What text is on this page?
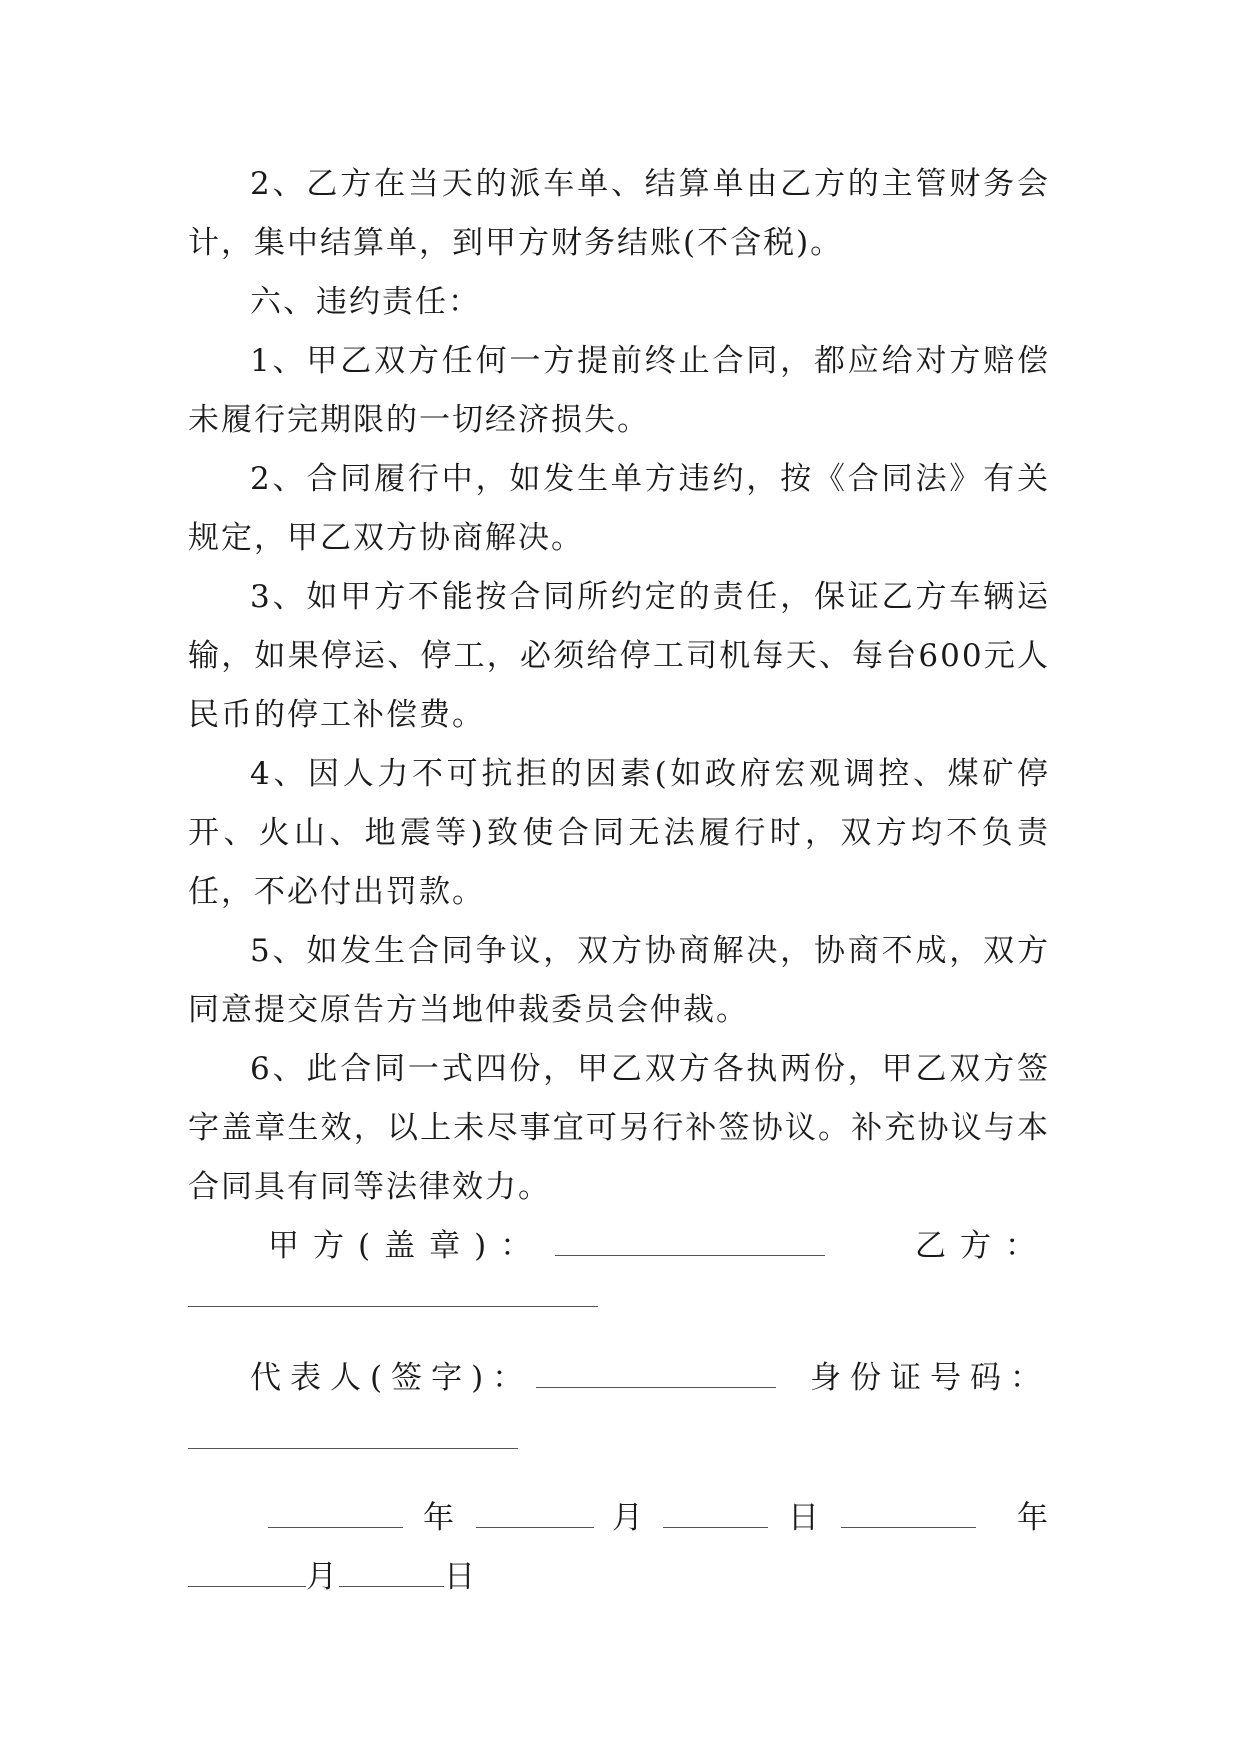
2、乙方在当天的派车单、结算单由乙方的主管财务会计，集中结算单，到甲方财务结账(不含税)。

六、违约责任：

1、甲乙双方任何一方提前终止合同，都应给对方赔偿未履行完期限的一切经济损失。

2、合同履行中，如发生单方违约，按《合同法》有关规定，甲乙双方协商解决。

3、如甲方不能按合同所约定的责任，保证乙方车辆运输，如果停运、停工，必须给停工司机每天、每台600元人民币的停工补偿费。

4、因人力不可抗拒的因素(如政府宏观调控、煤矿停开、火山、地震等)致使合同无法履行时，双方均不负责任，不必付出罚款。

5、如发生合同争议，双方协商解决，协商不成，双方同意提交原告方当地仲裁委员会仲裁。

6、此合同一式四份，甲乙双方各执两份，甲乙双方签字盖章生效，以上未尽事宜可另行补签协议。补充协议与本合同具有同等法律效力。

甲方(盖章)：	乙方：
代表人(签字)：	身份证号码：
年	月	日	年
月	日
